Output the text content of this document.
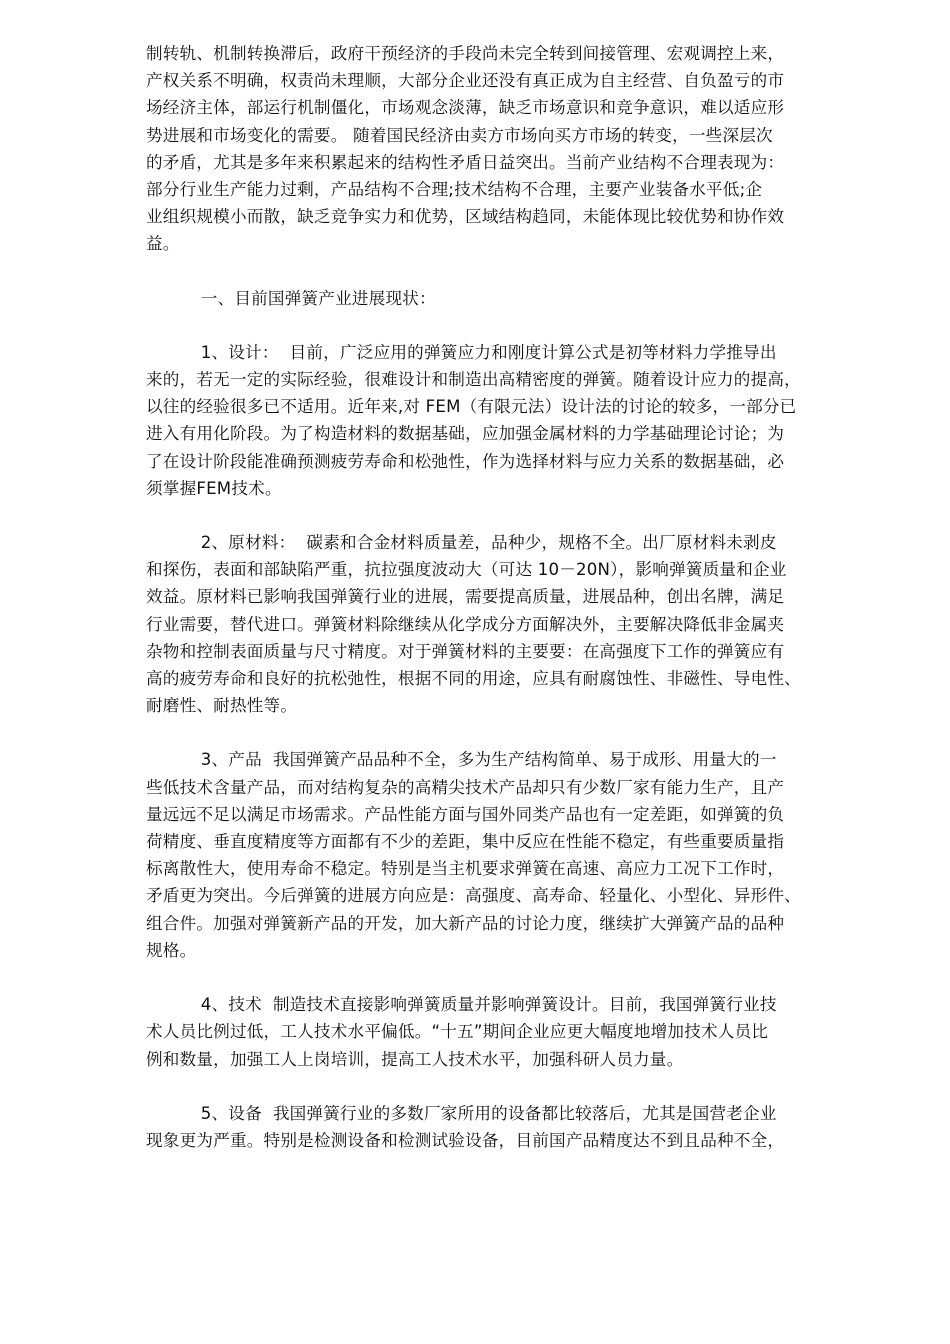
制转轨、机制转换滞后，政府干预经济的手段尚未完全转到间接管理、宏观调控上来，
产权关系不明确，权责尚未理顺，大部分企业还没有真正成为自主经营、自负盈亏的市
场经济主体，部运行机制僵化，市场观念淡薄，缺乏市场意识和竞争意识，难以适应形
势进展和市场变化的需要。 随着国民经济由卖方市场向买方市场的转变，一些深层次
的矛盾，尤其是多年来积累起来的结构性矛盾日益突出。当前产业结构不合理表现为：
部分行业生产能力过剩，产品结构不合理;技术结构不合理，主要产业装备水平低;企
业组织规模小而散，缺乏竞争实力和优势，区域结构趋同，未能体现比较优势和协作效
益。

一、目前国弹簧产业进展现状：

1、设计：  目前，广泛应用的弹簧应力和刚度计算公式是初等材料力学推导出
来的，若无一定的实际经验，很难设计和制造出高精密度的弹簧。随着设计应力的提高，
以往的经验很多已不适用。近年来,对 FEM（有限元法）设计法的讨论的较多，一部分已
进入有用化阶段。为了构造材料的数据基础，应加强金属材料的力学基础理论讨论；为
了在设计阶段能准确预测疲劳寿命和松弛性，作为选择材料与应力关系的数据基础，必
须掌握FEM技术。

2、原材料：  碳素和合金材料质量差，品种少，规格不全。出厂原材料未剥皮
和探伤，表面和部缺陷严重，抗拉强度波动大（可达 10－20N），影响弹簧质量和企业
效益。原材料已影响我国弹簧行业的进展，需要提高质量，进展品种，创出名牌，满足
行业需要，替代进口。弹簧材料除继续从化学成分方面解决外，主要解决降低非金属夹
杂物和控制表面质量与尺寸精度。对于弹簧材料的主要要：在高强度下工作的弹簧应有
高的疲劳寿命和良好的抗松弛性，根据不同的用途，应具有耐腐蚀性、非磁性、导电性、
耐磨性、耐热性等。

3、产品  我国弹簧产品品种不全，多为生产结构简单、易于成形、用量大的一
些低技术含量产品，而对结构复杂的高精尖技术产品却只有少数厂家有能力生产，且产
量远远不足以满足市场需求。产品性能方面与国外同类产品也有一定差距，如弹簧的负
荷精度、垂直度精度等方面都有不少的差距，集中反应在性能不稳定，有些重要质量指
标离散性大，使用寿命不稳定。特别是当主机要求弹簧在高速、高应力工况下工作时，
矛盾更为突出。今后弹簧的进展方向应是：高强度、高寿命、轻量化、小型化、异形件、
组合件。加强对弹簧新产品的开发，加大新产品的讨论力度，继续扩大弹簧产品的品种
规格。

4、技术  制造技术直接影响弹簧质量并影响弹簧设计。目前，我国弹簧行业技
术人员比例过低，工人技术水平偏低。“十五”期间企业应更大幅度地增加技术人员比
例和数量，加强工人上岗培训，提高工人技术水平，加强科研人员力量。

5、设备  我国弹簧行业的多数厂家所用的设备都比较落后，尤其是国营老企业
现象更为严重。特别是检测设备和检测试验设备，目前国产品精度达不到且品种不全，
